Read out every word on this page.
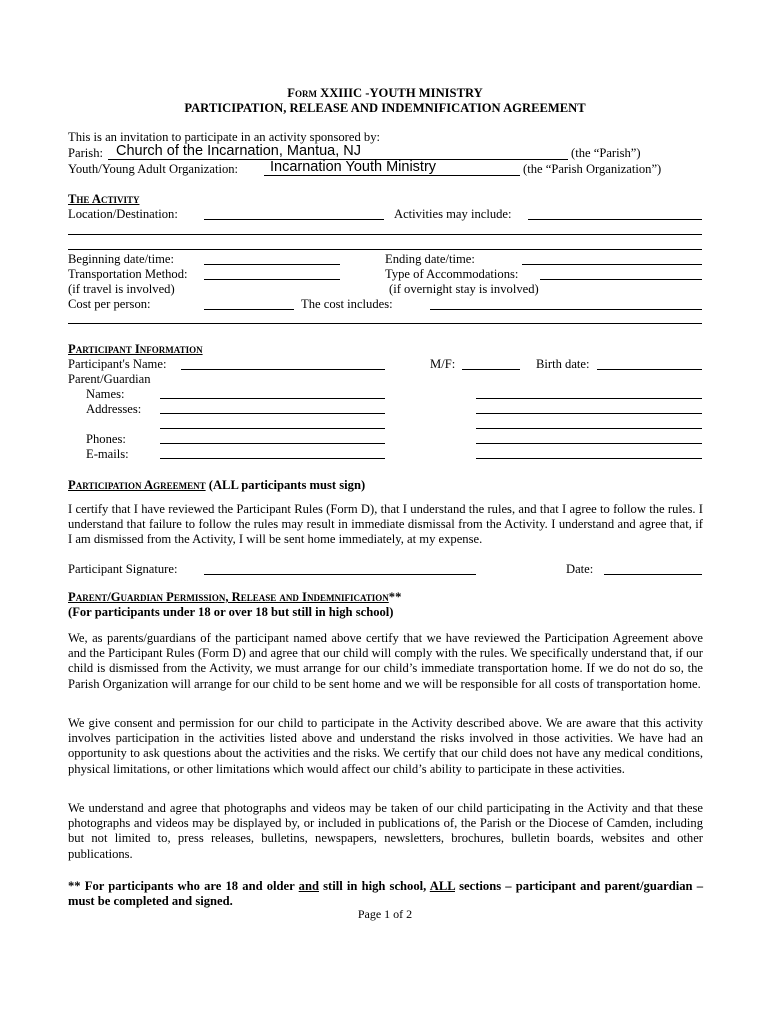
Form XXIIIC -YOUTH MINISTRY
PARTICIPATION, RELEASE AND INDEMNIFICATION AGREEMENT
This is an invitation to participate in an activity sponsored by:
Parish: Church of the Incarnation, Mantua, NJ	(the “Parish”)
Youth/Young Adult Organization: Incarnation Youth Ministry	(the “Parish Organization”)
The Activity
Location/Destination:	Activities may include:
Beginning date/time:	Ending date/time:
Transportation Method:	Type of Accommodations:
(if travel is involved)	(if overnight stay is involved)
Cost per person:	The cost includes:
Participant Information
Participant's Name:	M/F:	Birth date:
Parent/Guardian
Names:
Addresses:
Phones:
E-mails:
Participation Agreement (ALL participants must sign)
I certify that I have reviewed the Participant Rules (Form D), that I understand the rules, and that I agree to follow the rules. I understand that failure to follow the rules may result in immediate dismissal from the Activity. I understand and agree that, if I am dismissed from the Activity, I will be sent home immediately, at my expense.
Participant Signature:	Date:
Parent/Guardian Permission, Release and Indemnification**
(For participants under 18 or over 18 but still in high school)
We, as parents/guardians of the participant named above certify that we have reviewed the Participation Agreement above and the Participant Rules (Form D) and agree that our child will comply with the rules. We specifically understand that, if our child is dismissed from the Activity, we must arrange for our child’s immediate transportation home. If we do not do so, the Parish Organization will arrange for our child to be sent home and we will be responsible for all costs of transportation home.
We give consent and permission for our child to participate in the Activity described above. We are aware that this activity involves participation in the activities listed above and understand the risks involved in those activities. We have had an opportunity to ask questions about the activities and the risks. We certify that our child does not have any medical conditions, physical limitations, or other limitations which would affect our child’s ability to participate in these activities.
We understand and agree that photographs and videos may be taken of our child participating in the Activity and that these photographs and videos may be displayed by, or included in publications of, the Parish or the Diocese of Camden, including but not limited to, press releases, bulletins, newspapers, newsletters, brochures, bulletin boards, websites and other publications.
** For participants who are 18 and older and still in high school, ALL sections – participant and parent/guardian – must be completed and signed.
Page 1 of 2
